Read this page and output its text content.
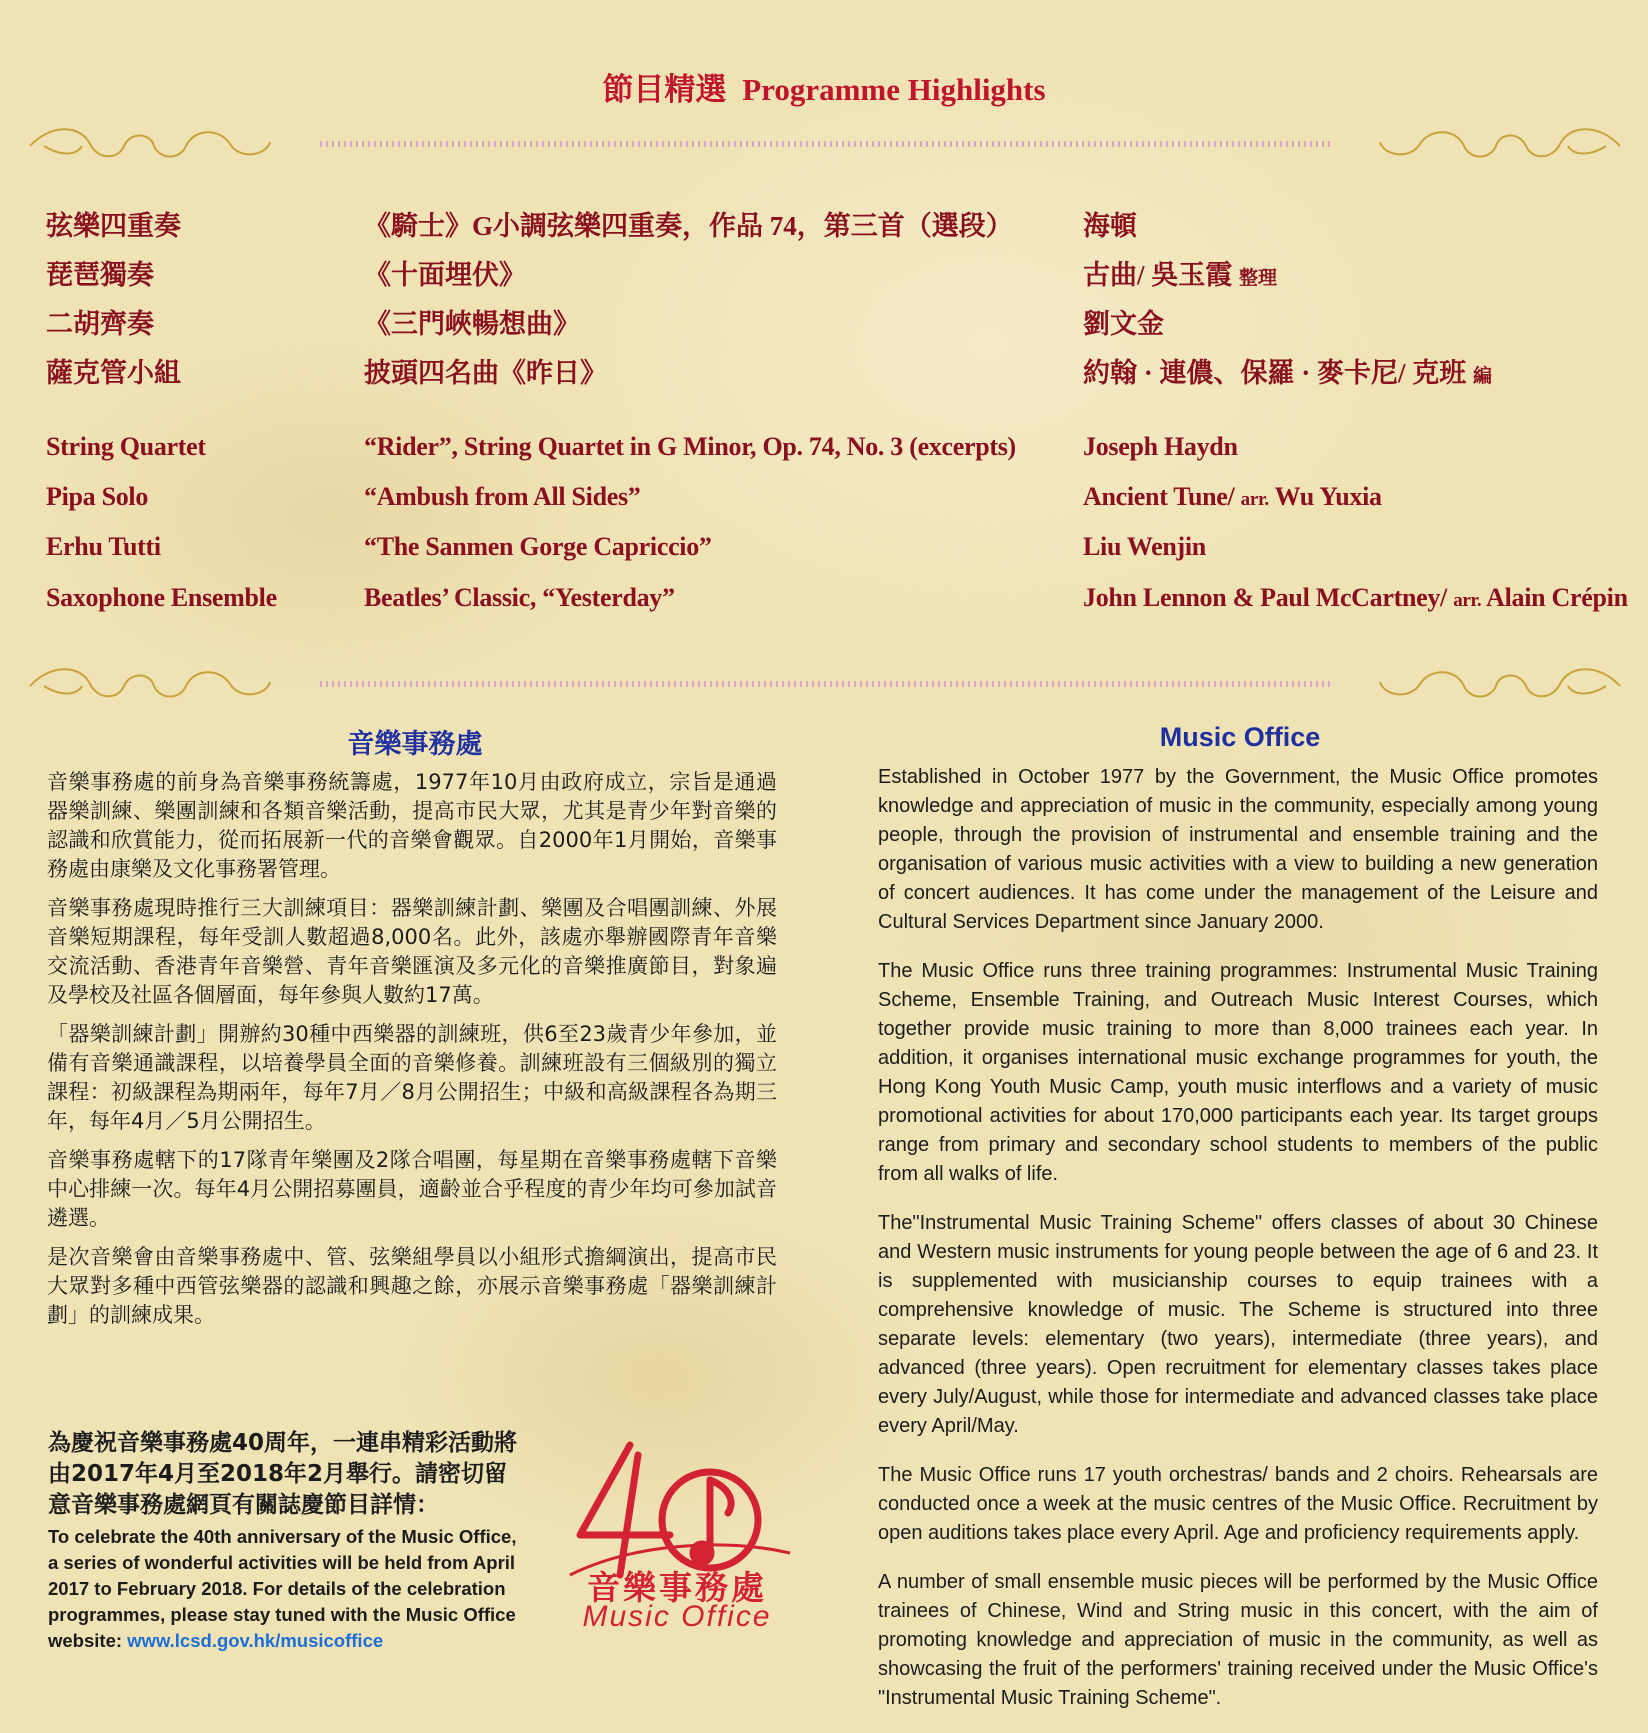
節目精選 Programme Highlights
弦樂四重奏	《騎士》G小調弦樂四重奏，作品 74，第三首（選段）	海頓
琵琶獨奏	《十面埋伏》	古曲/ 吳玉霞 整理
二胡齊奏	《三門峽暢想曲》	劉文金
薩克管小組	披頭四名曲《昨日》	約翰 · 連儂、保羅 · 麥卡尼/ 克班 編
String Quartet	“Rider”, String Quartet in G Minor, Op. 74, No. 3 (excerpts)	Joseph Haydn
Pipa Solo	“Ambush from All Sides”	Ancient Tune/ arr. Wu Yuxia
Erhu Tutti	“The Sanmen Gorge Capriccio”	Liu Wenjin
Saxophone Ensemble	Beatles’ Classic, “Yesterday”	John Lennon & Paul McCartney/ arr. Alain Crépin
音樂事務處	Music Office

音樂事務處的前身為音樂事務統籌處，1977年10月由政府成立，宗旨是通過器樂訓練、樂團訓練和各類音樂活動，提高市民大眾，尤其是青少年對音樂的認識和欣賞能力，從而拓展新一代的音樂會觀眾。自2000年1月開始，音樂事務處由康樂及文化事務署管理。

音樂事務處現時推行三大訓練項目：器樂訓練計劃、樂團及合唱團訓練、外展音樂短期課程，每年受訓人數超過8,000名。此外，該處亦舉辦國際青年音樂交流活動、香港青年音樂營、青年音樂匯演及多元化的音樂推廣節目，對象遍及學校及社區各個層面，每年參與人數約17萬。

「器樂訓練計劃」開辦約30種中西樂器的訓練班，供6至23歲青少年參加，並備有音樂通識課程，以培養學員全面的音樂修養。訓練班設有三個級別的獨立課程：初級課程為期兩年，每年7月／8月公開招生；中級和高級課程各為期三年，每年4月／5月公開招生。

音樂事務處轄下的17隊青年樂團及2隊合唱團，每星期在音樂事務處轄下音樂中心排練一次。每年4月公開招募團員，適齡並合乎程度的青少年均可參加試音遴選。

是次音樂會由音樂事務處中、管、弦樂組學員以小組形式擔綱演出，提高市民大眾對多種中西管弦樂器的認識和興趣之餘，亦展示音樂事務處「器樂訓練計劃」的訓練成果。

Established in October 1977 by the Government, the Music Office promotes knowledge and appreciation of music in the community, especially among young people, through the provision of instrumental and ensemble training and the organisation of various music activities with a view to building a new generation of concert audiences. It has come under the management of the Leisure and Cultural Services Department since January 2000.

The Music Office runs three training programmes: Instrumental Music Training Scheme, Ensemble Training, and Outreach Music Interest Courses, which together provide music training to more than 8,000 trainees each year. In addition, it organises international music exchange programmes for youth, the Hong Kong Youth Music Camp, youth music interflows and a variety of music promotional activities for about 170,000 participants each year. Its target groups range from primary and secondary school students to members of the public from all walks of life.

The"Instrumental Music Training Scheme" offers classes of about 30 Chinese and Western music instruments for young people between the age of 6 and 23. It is supplemented with musicianship courses to equip trainees with a comprehensive knowledge of music. The Scheme is structured into three separate levels: elementary (two years), intermediate (three years), and advanced (three years). Open recruitment for elementary classes takes place every July/August, while those for intermediate and advanced classes take place every April/May.

The Music Office runs 17 youth orchestras/ bands and 2 choirs. Rehearsals are conducted once a week at the music centres of the Music Office. Recruitment by open auditions takes place every April. Age and proficiency requirements apply.

A number of small ensemble music pieces will be performed by the Music Office trainees of Chinese, Wind and String music in this concert, with the aim of promoting knowledge and appreciation of music in the community, as well as showcasing the fruit of the performers' training received under the Music Office's "Instrumental Music Training Scheme".

為慶祝音樂事務處40周年，一連串精彩活動將由2017年4月至2018年2月舉行。請密切留意音樂事務處網頁有關誌慶節目詳情：
To celebrate the 40th anniversary of the Music Office, a series of wonderful activities will be held from April 2017 to February 2018. For details of the celebration programmes, please stay tuned with the Music Office website: www.lcsd.gov.hk/musicoffice
40
音樂事務處
Music Office
